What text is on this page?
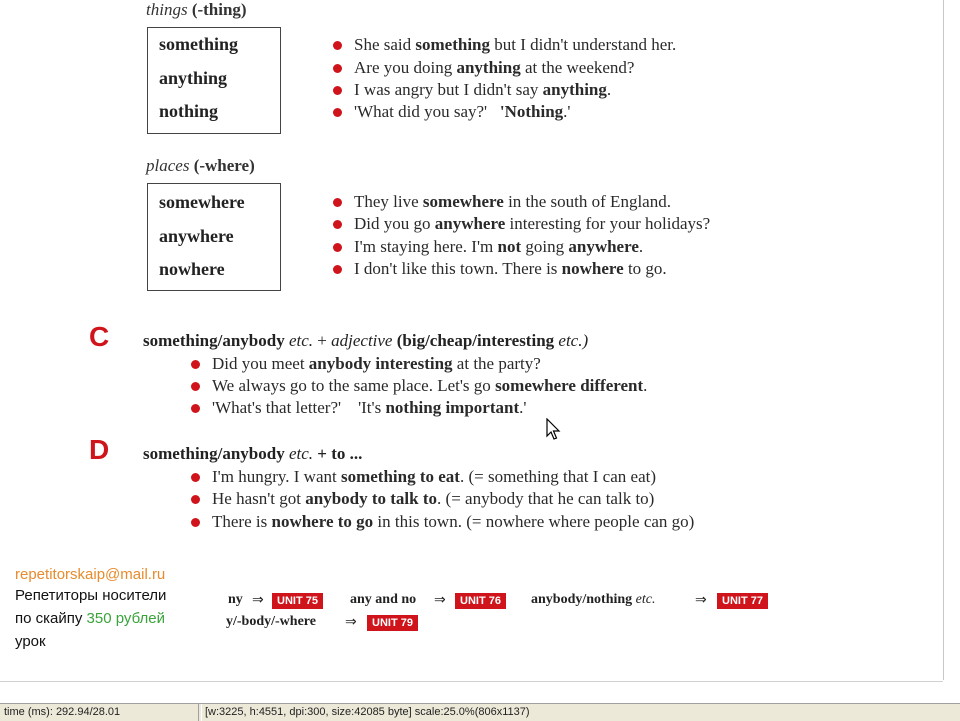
things (-thing)
something
anything
nothing
She said something but I didn't understand her.
Are you doing anything at the weekend?
I was angry but I didn't say anything.
'What did you say?'   'Nothing.'
places (-where)
somewhere
anywhere
nowhere
They live somewhere in the south of England.
Did you go anywhere interesting for your holidays?
I'm staying here. I'm not going anywhere.
I don't like this town. There is nowhere to go.
C something/anybody etc. + adjective (big/cheap/interesting etc.)
Did you meet anybody interesting at the party?
We always go to the same place. Let's go somewhere different.
'What's that letter?'    'It's nothing important.'
D something/anybody etc. + to ...
I'm hungry. I want something to eat. (= something that I can eat)
He hasn't got anybody to talk to. (= anybody that he can talk to)
There is nowhere to go in this town. (= nowhere where people can go)
ny ⇒	UNIT 75	any and no ⇒	UNIT 76	anybody/nothing etc.	⇒	UNIT 77
y/-body/-where ⇒	UNIT 79
repetitorskaip@mail.ru
Репетиторы носители
по скайпу 350 рублей
урок
time (ms): 292.94/28.01	[w:3225, h:4551, dpi:300, size:42085 byte] scale:25.0%(806x1137)
